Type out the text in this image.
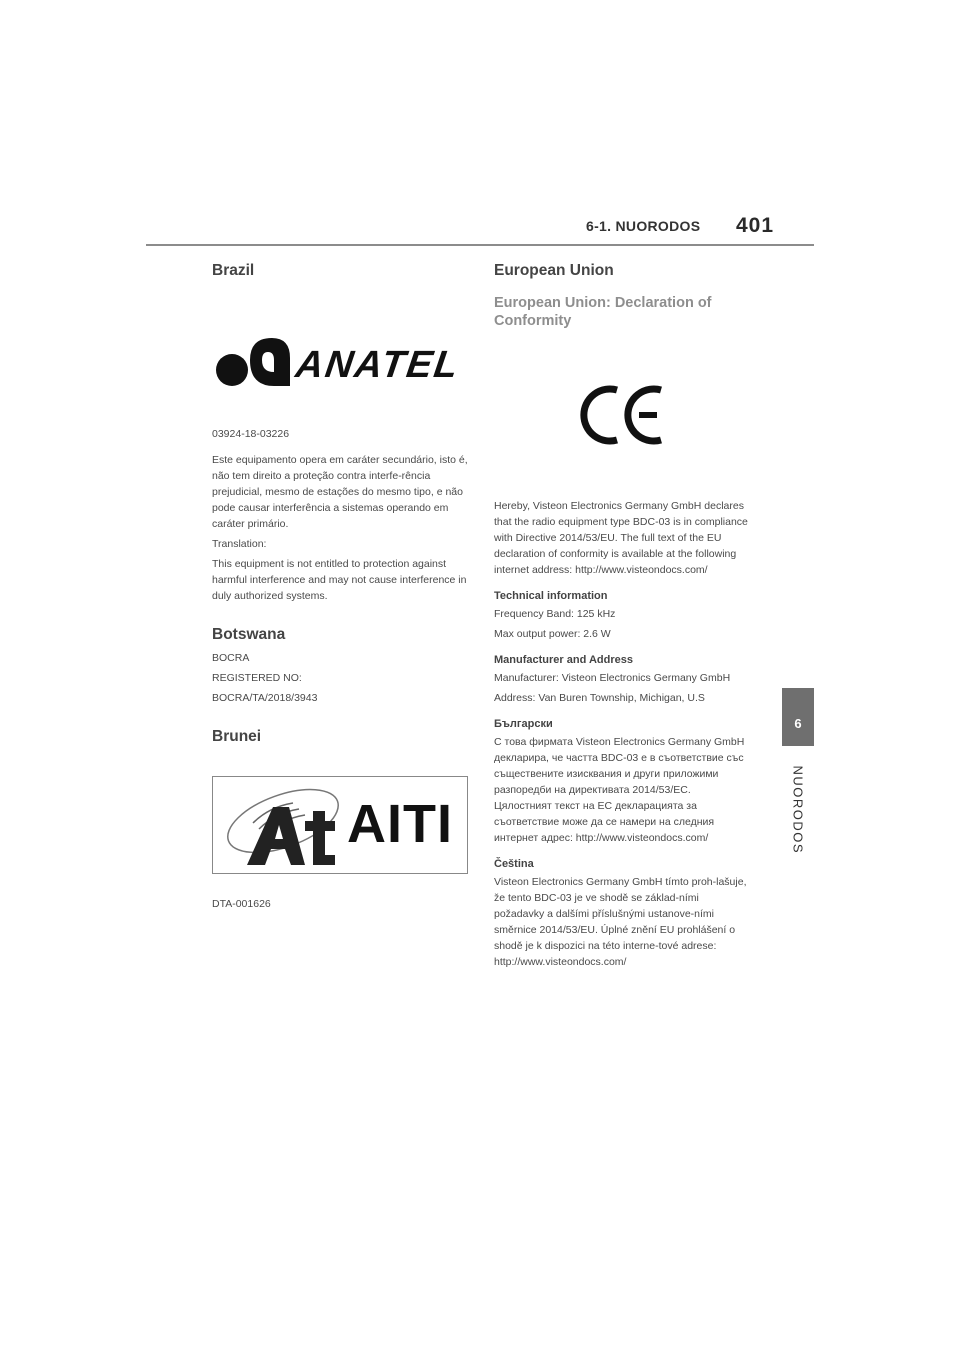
6-1. NUORODOS 401
6
NUORODOS
Brazil
ANATEL

03924-18-03226

Este equipamento opera em caráter secundário, isto é, não tem direito a proteção contra interfe-rência prejudicial, mesmo de estações do mesmo tipo, e não pode causar interferência a sistemas operando em caráter primário.

Translation:

This equipment is not entitled to protection against harmful interference and may not cause interference in duly authorized systems.

Botswana

BOCRA

REGISTERED NO:

BOCRA/TA/2018/3943

Brunei
AITI

DTA-001626

European Union
European Union: Declaration of Conformity

Hereby, Visteon Electronics Germany GmbH declares that the radio equipment type BDC-03 is in compliance with Directive 2014/53/EU. The full text of the EU declaration of conformity is available at the following internet address: http://www.visteondocs.com/

Technical information

Frequency Band: 125 kHz

Max output power: 2.6 W

Manufacturer and Address

Manufacturer: Visteon Electronics Germany GmbH

Address: Van Buren Township, Michigan, U.S

Български

С това фирмата Visteon Electronics Germany GmbH декларира, че частта BDC-03 е в съответствие със съществените изисквания и други приложими разпоредби на директивата 2014/53/ЕС. Цялостният текст на ЕС декларацията за съответствие може да се намери на следния интернет адрес: http://www.visteondocs.com/

Čeština

Visteon Electronics Germany GmbH tímto proh-lašuje, že tento BDC-03 je ve shodě se základ-ními požadavky a dalšími příslušnými ustanove-ními směrnice 2014/53/EU. Úplné znění EU prohlášení o shodě je k dispozici na této interne-tové adrese: http://www.visteondocs.com/
